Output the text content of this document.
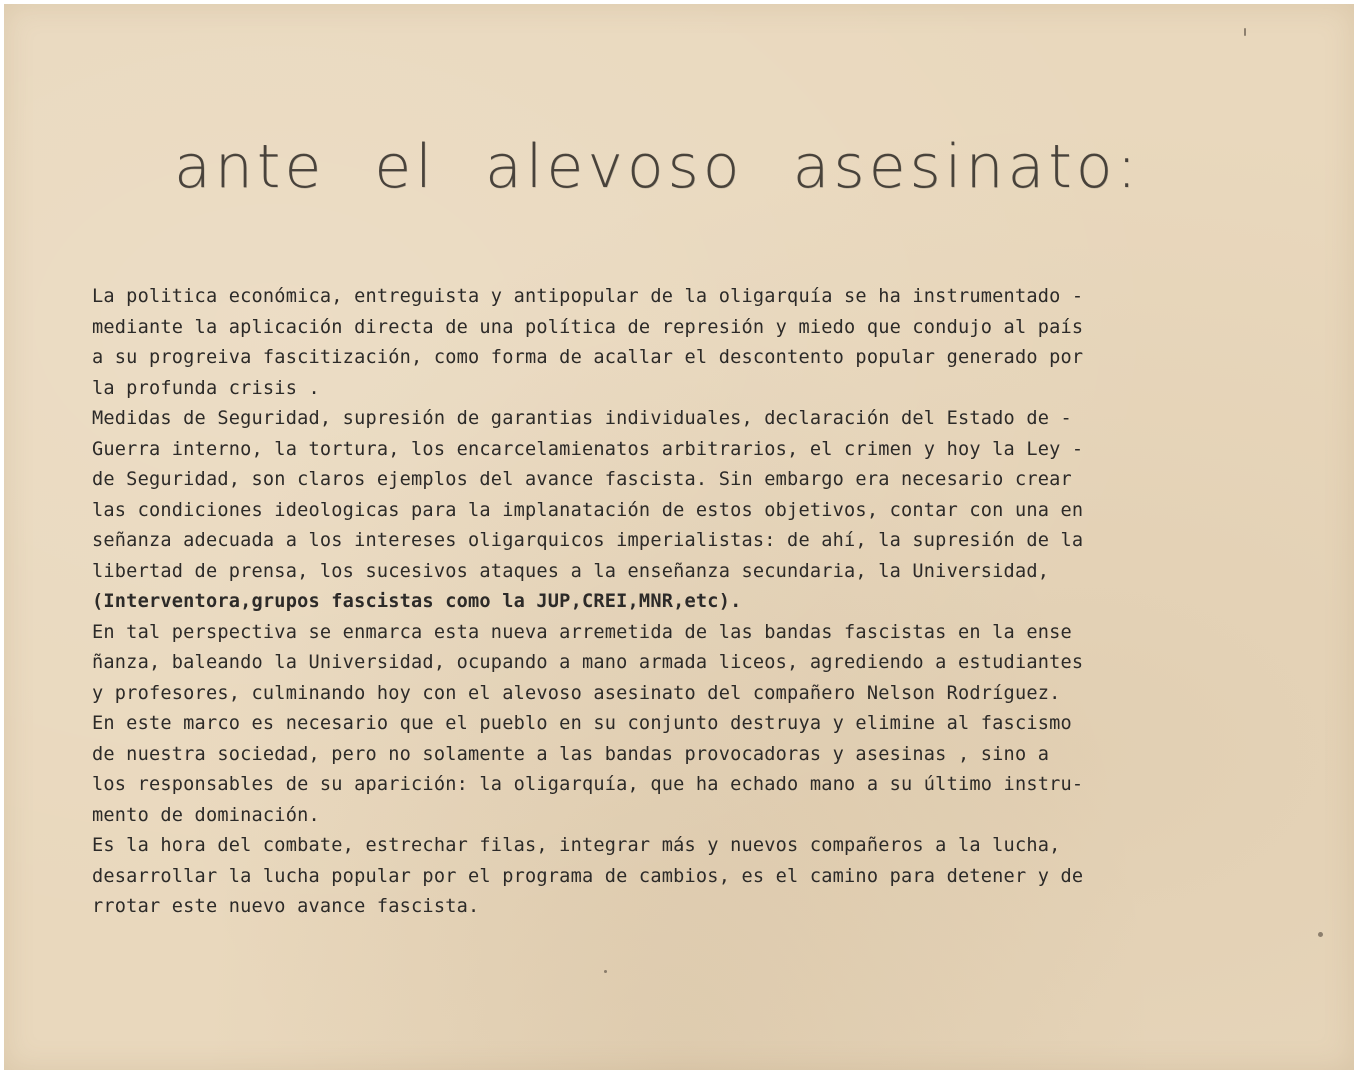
ante el alevoso asesinato:
La politica económica, entreguista y antipopular de la oligarquía se ha instrumentado -
mediante la aplicación directa de una política de represión y miedo que condujo al país
a su progreiva fascitización, como forma de acallar el descontento popular generado por
la profunda crisis .
Medidas de Seguridad, supresión de garantias individuales, declaración del Estado de -
Guerra interno, la tortura, los encarcelamienatos arbitrarios, el crimen y hoy la Ley -
de Seguridad, son claros ejemplos del avance fascista. Sin embargo era necesario crear
las condiciones ideologicas para la implanatación de estos objetivos, contar con una en
señanza adecuada a los intereses oligarquicos imperialistas: de ahí, la supresión de la
libertad de prensa, los sucesivos ataques a la enseñanza secundaria, la Universidad,
(Interventora,grupos fascistas como la JUP,CREI,MNR,etc).
En tal perspectiva se enmarca esta nueva arremetida de las bandas fascistas en la ense
ñanza, baleando la Universidad, ocupando a mano armada liceos, agrediendo a estudiantes
y profesores, culminando hoy con el alevoso asesinato del compañero Nelson Rodríguez.
En este marco es necesario que el pueblo en su conjunto destruya y elimine al fascismo
de nuestra sociedad, pero no solamente a las bandas provocadoras y asesinas , sino a
los responsables de su aparición: la oligarquía, que ha echado mano a su último instru-
mento de dominación.
Es la hora del combate, estrechar filas, integrar más y nuevos compañeros a la lucha,
desarrollar la lucha popular por el programa de cambios, es el camino para detener y de
rrotar este nuevo avance fascista.
